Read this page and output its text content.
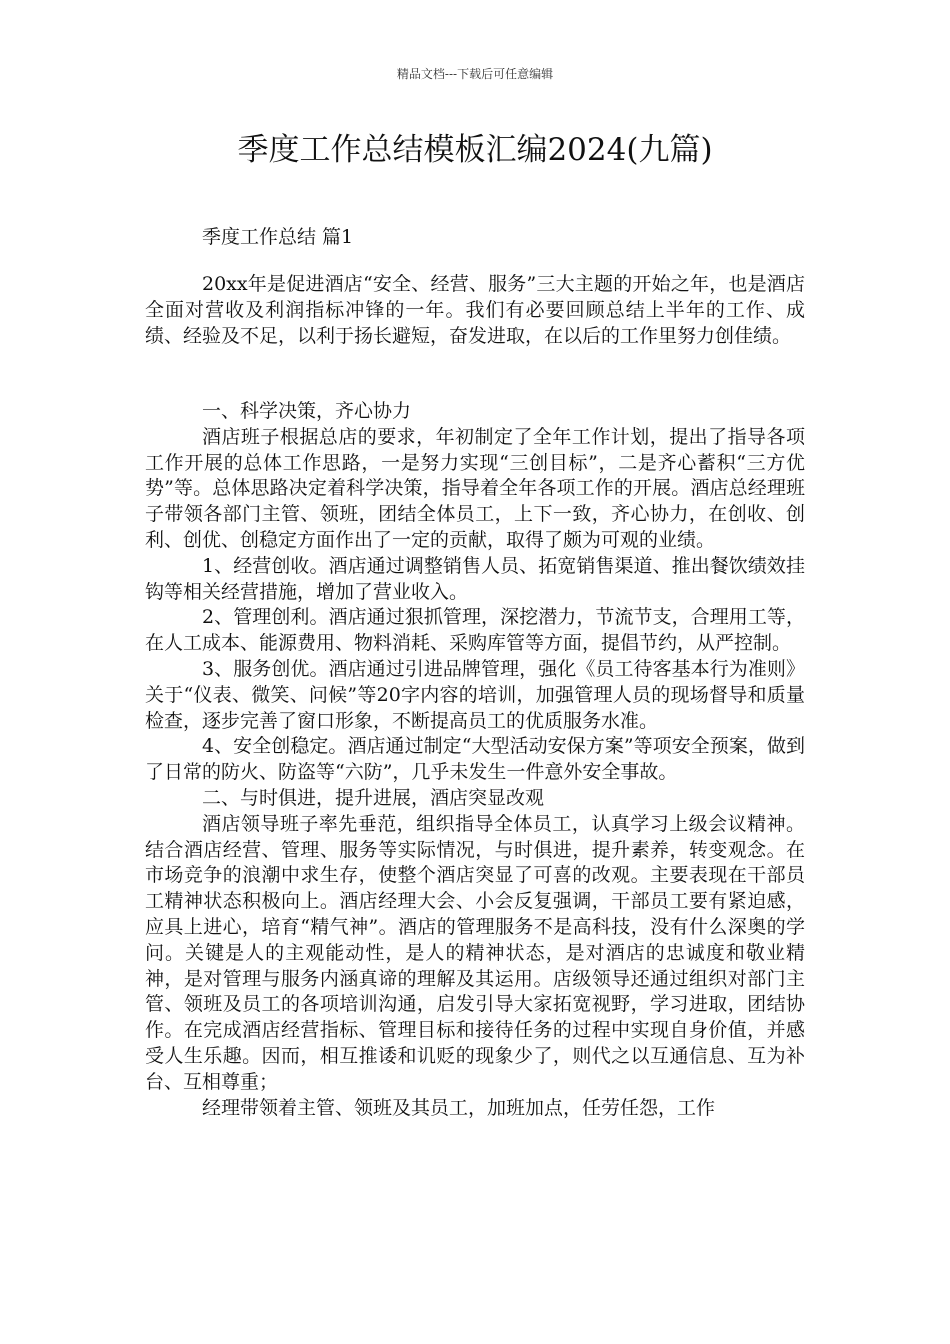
精品文档---下载后可任意编辑
季度工作总结模板汇编2024(九篇)

季度工作总结 篇1

20xx年是促进酒店“安全、经营、服务”三大主题的开始之年，也是酒店全面对营收及利润指标冲锋的一年。我们有必要回顾总结上半年的工作、成绩、经验及不足，以利于扬长避短，奋发进取，在以后的工作里努力创佳绩。

一、科学决策，齐心协力

酒店班子根据总店的要求，年初制定了全年工作计划，提出了指导各项工作开展的总体工作思路，一是努力实现“三创目标”，二是齐心蓄积“三方优势”等。总体思路决定着科学决策，指导着全年各项工作的开展。酒店总经理班子带领各部门主管、领班，团结全体员工，上下一致，齐心协力，在创收、创利、创优、创稳定方面作出了一定的贡献，取得了颇为可观的业绩。

1、经营创收。酒店通过调整销售人员、拓宽销售渠道、推出餐饮绩效挂钩等相关经营措施，增加了营业收入。

2、管理创利。酒店通过狠抓管理，深挖潜力，节流节支，合理用工等，在人工成本、能源费用、物料消耗、采购库管等方面，提倡节约，从严控制。

3、服务创优。酒店通过引进品牌管理，强化《员工待客基本行为准则》关于“仪表、微笑、问候”等20字内容的培训，加强管理人员的现场督导和质量检查，逐步完善了窗口形象，不断提高员工的优质服务水准。

4、安全创稳定。酒店通过制定“大型活动安保方案”等项安全预案，做到了日常的防火、防盗等“六防”，几乎未发生一件意外安全事故。

二、与时俱进，提升进展，酒店突显改观

酒店领导班子率先垂范，组织指导全体员工，认真学习上级会议精神。结合酒店经营、管理、服务等实际情况，与时俱进，提升素养，转变观念。在市场竞争的浪潮中求生存，使整个酒店突显了可喜的改观。主要表现在干部员工精神状态积极向上。酒店经理大会、小会反复强调，干部员工要有紧迫感，应具上进心，培育“精气神”。酒店的管理服务不是高科技，没有什么深奥的学问。关键是人的主观能动性，是人的精神状态，是对酒店的忠诚度和敬业精神，是对管理与服务内涵真谛的理解及其运用。店级领导还通过组织对部门主管、领班及员工的各项培训沟通，启发引导大家拓宽视野，学习进取，团结协作。在完成酒店经营指标、管理目标和接待任务的过程中实现自身价值，并感受人生乐趣。因而，相互推诿和讥贬的现象少了，则代之以互通信息、互为补台、互相尊重；

经理带领着主管、领班及其员工，加班加点，任劳任怨，工作
